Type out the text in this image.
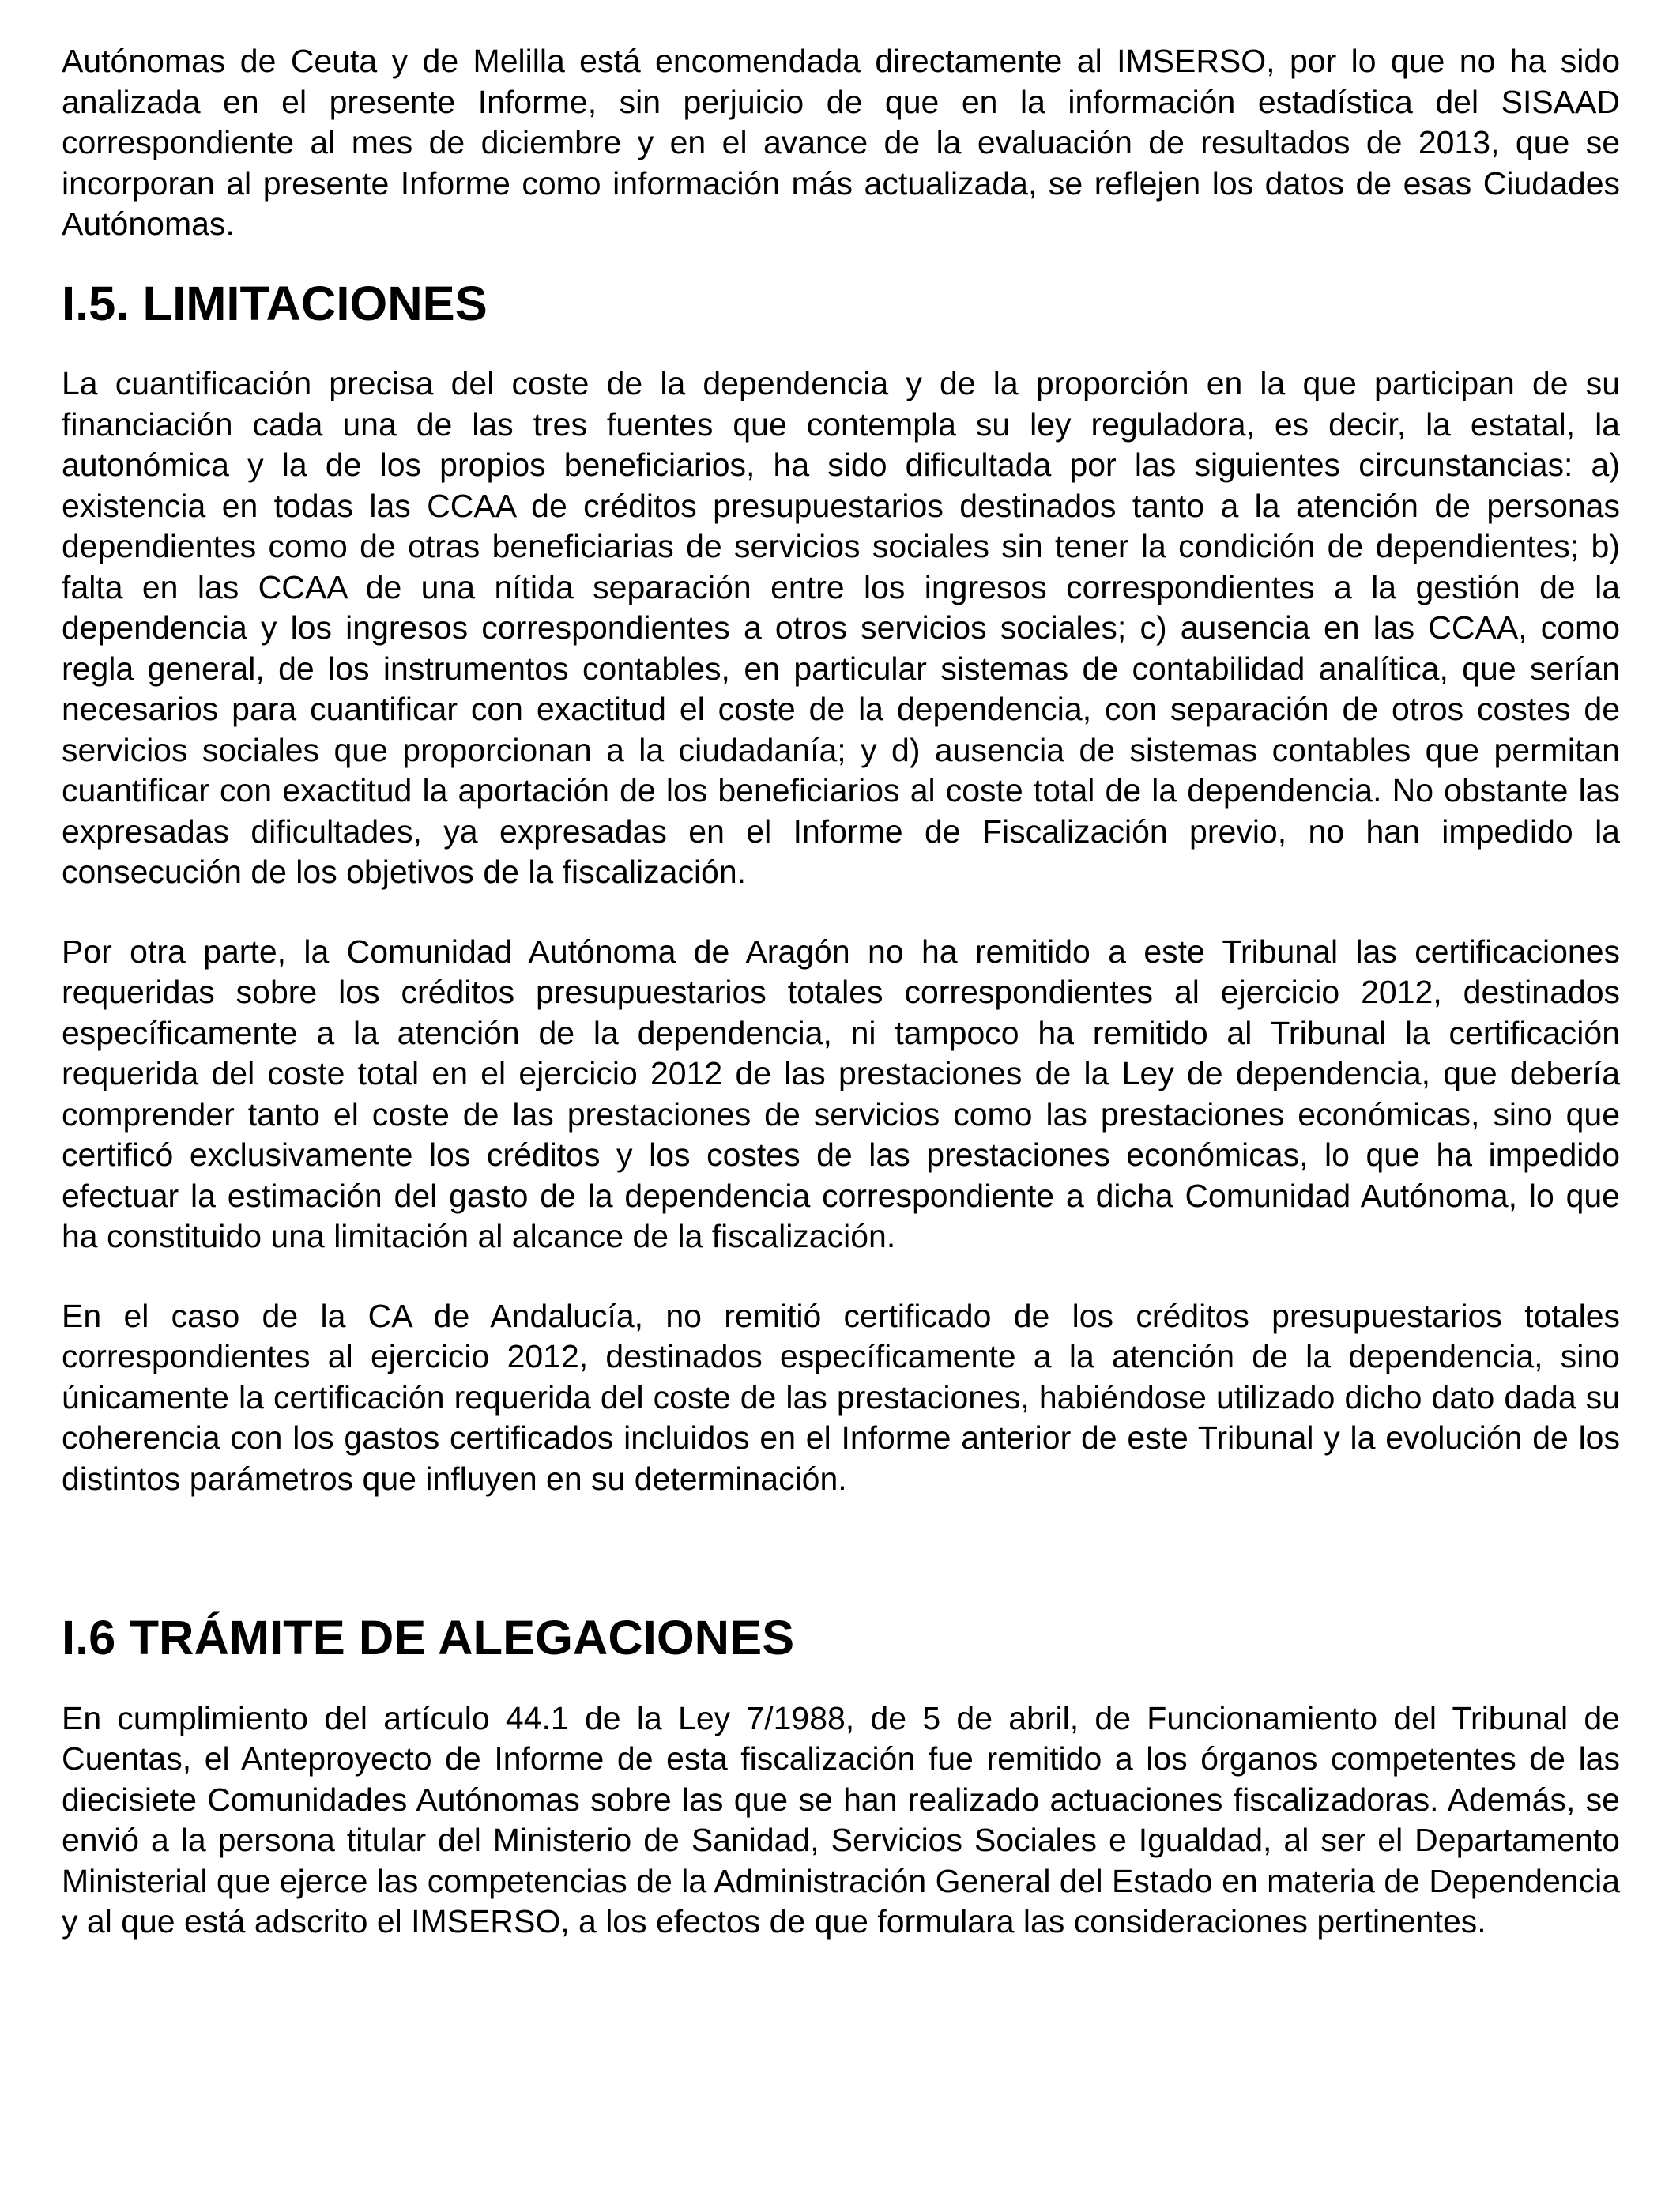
Autónomas de Ceuta y de Melilla está encomendada directamente al IMSERSO, por lo que no ha sido analizada en el presente Informe, sin perjuicio de que en la información estadística del SISAAD correspondiente al mes de diciembre y en el avance de la evaluación de resultados de 2013, que se incorporan al presente Informe como información más actualizada, se reflejen los datos de esas Ciudades Autónomas.

I.5. LIMITACIONES

La cuantificación precisa del coste de la dependencia y de la proporción en la que participan de su financiación cada una de las tres fuentes que contempla su ley reguladora, es decir, la estatal, la autonómica y la de los propios beneficiarios, ha sido dificultada por las siguientes circunstancias: a) existencia en todas las CCAA de créditos presupuestarios destinados tanto a la atención de personas dependientes como de otras beneficiarias de servicios sociales sin tener la condición de dependientes; b) falta en las CCAA de una nítida separación entre los ingresos correspondientes a la gestión de la dependencia y los ingresos correspondientes a otros servicios sociales; c) ausencia en las CCAA, como regla general, de los instrumentos contables, en particular sistemas de contabilidad analítica, que serían necesarios para cuantificar con exactitud el coste de la dependencia, con separación de otros costes de servicios sociales que proporcionan a la ciudadanía; y d) ausencia de sistemas contables que permitan cuantificar con exactitud la aportación de los beneficiarios al coste total de la dependencia. No obstante las expresadas dificultades, ya expresadas en el Informe de Fiscalización previo, no han impedido la consecución de los objetivos de la fiscalización.

Por otra parte, la Comunidad Autónoma de Aragón no ha remitido a este Tribunal las certificaciones requeridas sobre los créditos presupuestarios totales correspondientes al ejercicio 2012, destinados específicamente a la atención de la dependencia, ni tampoco ha remitido al Tribunal la certificación requerida del coste total en el ejercicio 2012 de las prestaciones de la Ley de dependencia, que debería comprender tanto el coste de las prestaciones de servicios como las prestaciones económicas, sino que certificó exclusivamente los créditos y los costes de las prestaciones económicas, lo que ha impedido efectuar la estimación del gasto de la dependencia correspondiente a dicha Comunidad Autónoma, lo que ha constituido una limitación al alcance de la fiscalización.

En el caso de la CA de Andalucía, no remitió certificado de los créditos presupuestarios totales correspondientes al ejercicio 2012, destinados específicamente a la atención de la dependencia, sino únicamente la certificación requerida del coste de las prestaciones, habiéndose utilizado dicho dato dada su coherencia con los gastos certificados incluidos en el Informe anterior de este Tribunal y la evolución de los distintos parámetros que influyen en su determinación.

I.6 TRÁMITE DE ALEGACIONES

En cumplimiento del artículo 44.1 de la Ley 7/1988, de 5 de abril, de Funcionamiento del Tribunal de Cuentas, el Anteproyecto de Informe de esta fiscalización fue remitido a los órganos competentes de las diecisiete Comunidades Autónomas sobre las que se han realizado actuaciones fiscalizadoras. Además, se envió a la persona titular del Ministerio de Sanidad, Servicios Sociales e Igualdad, al ser el Departamento Ministerial que ejerce las competencias de la Administración General del Estado en materia de Dependencia y al que está adscrito el IMSERSO, a los efectos de que formulara las consideraciones pertinentes.
